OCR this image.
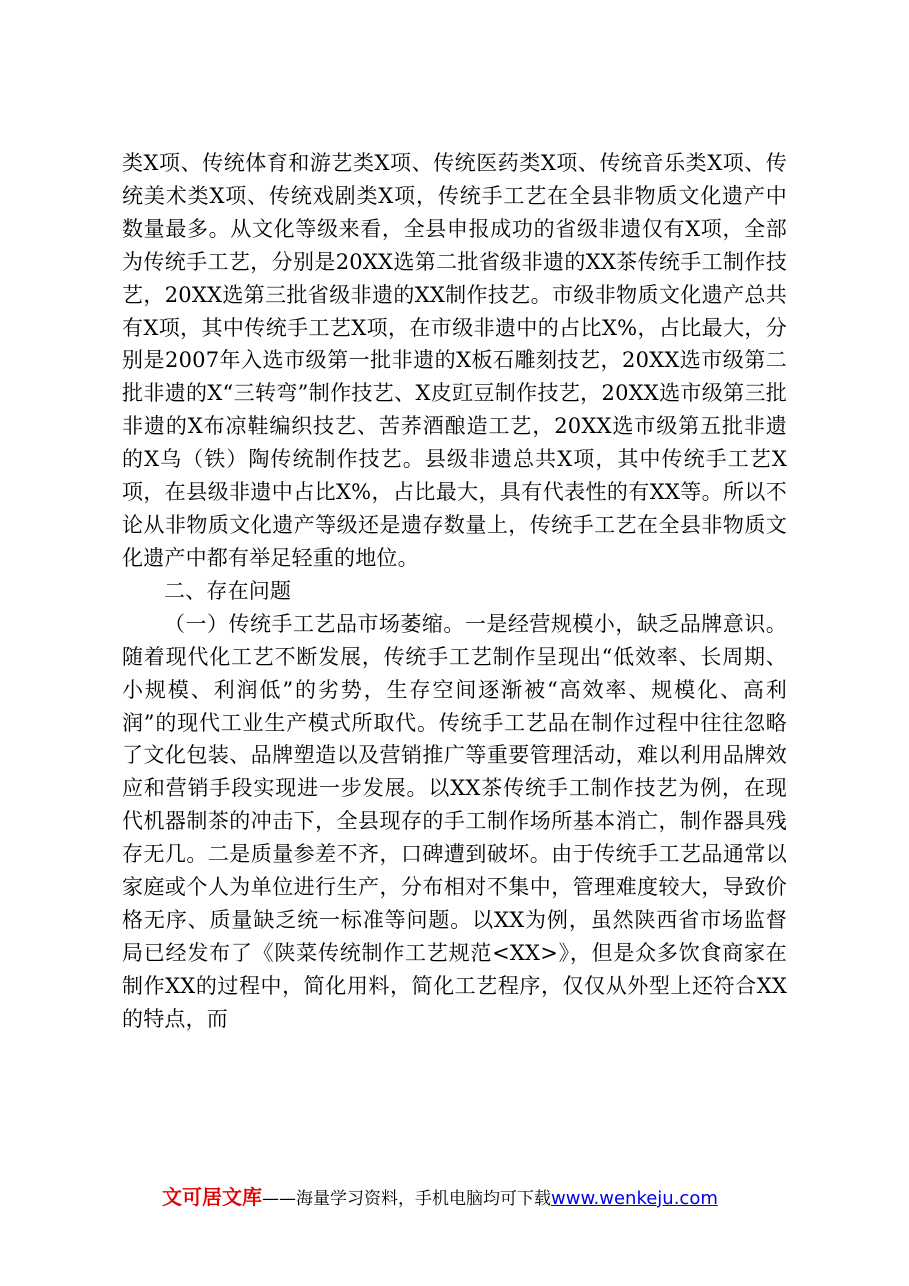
类X项、传统体育和游艺类X项、传统医药类X项、传统音乐类X项、传统美术类X项、传统戏剧类X项，传统手工艺在全县非物质文化遗产中数量最多。从文化等级来看，全县申报成功的省级非遗仅有X项，全部为传统手工艺，分别是20XX选第二批省级非遗的XX茶传统手工制作技艺，20XX选第三批省级非遗的XX制作技艺。市级非物质文化遗产总共有X项，其中传统手工艺X项，在市级非遗中的占比X%，占比最大，分别是2007年入选市级第一批非遗的X板石雕刻技艺，20XX选市级第二批非遗的X“三转弯”制作技艺、X皮豇豆制作技艺，20XX选市级第三批非遗的X布凉鞋编织技艺、苦荞酒酿造工艺，20XX选市级第五批非遗的X乌（铁）陶传统制作技艺。县级非遗总共X项，其中传统手工艺X项，在县级非遗中占比X%，占比最大，具有代表性的有XX等。所以不论从非物质文化遗产等级还是遗存数量上，传统手工艺在全县非物质文化遗产中都有举足轻重的地位。

二、存在问题

（一）传统手工艺品市场萎缩。一是经营规模小，缺乏品牌意识。随着现代化工艺不断发展，传统手工艺制作呈现出“低效率、长周期、小规模、利润低”的劣势，生存空间逐渐被“高效率、规模化、高利润”的现代工业生产模式所取代。传统手工艺品在制作过程中往往忽略了文化包装、品牌塑造以及营销推广等重要管理活动，难以利用品牌效应和营销手段实现进一步发展。以XX茶传统手工制作技艺为例，在现代机器制茶的冲击下，全县现存的手工制作场所基本消亡，制作器具残存无几。二是质量参差不齐，口碑遭到破坏。由于传统手工艺品通常以家庭或个人为单位进行生产，分布相对不集中，管理难度较大，导致价格无序、质量缺乏统一标准等问题。以XX为例，虽然陕西省市场监督局已经发布了《陕菜传统制作工艺规范<XX>》，但是众多饮食商家在制作XX的过程中，简化用料，简化工艺程序，仅仅从外型上还符合XX的特点，而

文可居文库——海量学习资料，手机电脑均可下载www.wenkeju.com
